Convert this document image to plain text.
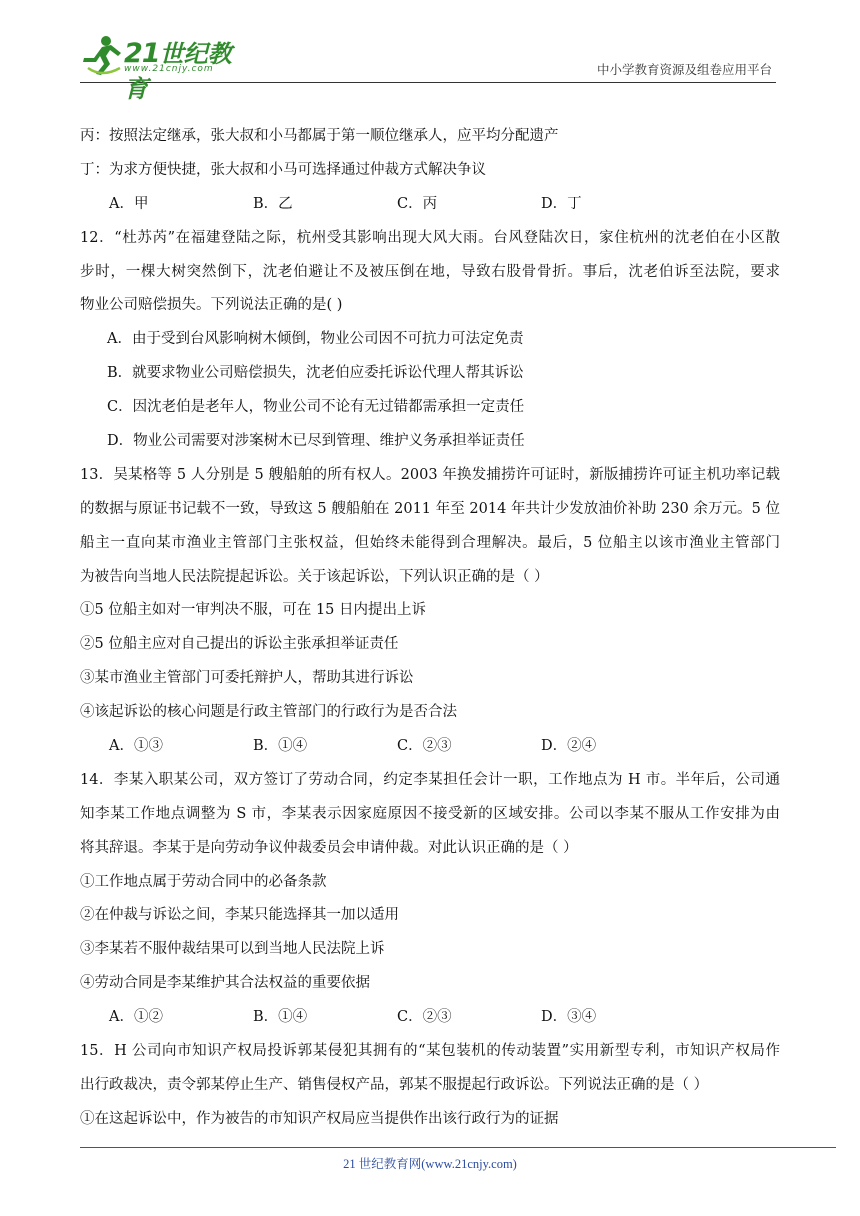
21世纪教育
www.21cnjy.com	中小学教育资源及组卷应用平台
丙：按照法定继承，张大叔和小马都属于第一顺位继承人，应平均分配遗产
丁：为求方便快捷，张大叔和小马可选择通过仲裁方式解决争议
A．甲	B．乙	C．丙	D．丁
12．“杜苏芮”在福建登陆之际，杭州受其影响出现大风大雨。台风登陆次日，家住杭州的沈老伯在小区散
步时，一棵大树突然倒下，沈老伯避让不及被压倒在地，导致右股骨骨折。事后，沈老伯诉至法院，要求
物业公司赔偿损失。下列说法正确的是( )
A．由于受到台风影响树木倾倒，物业公司因不可抗力可法定免责
B．就要求物业公司赔偿损失，沈老伯应委托诉讼代理人帮其诉讼
C．因沈老伯是老年人，物业公司不论有无过错都需承担一定责任
D．物业公司需要对涉案树木已尽到管理、维护义务承担举证责任
13．吴某格等 5 人分别是 5 艘船舶的所有权人。2003 年换发捕捞许可证时，新版捕捞许可证主机功率记载
的数据与原证书记载不一致，导致这 5 艘船舶在 2011 年至 2014 年共计少发放油价补助 230 余万元。5 位
船主一直向某市渔业主管部门主张权益，但始终未能得到合理解决。最后，5 位船主以该市渔业主管部门
为被告向当地人民法院提起诉讼。关于该起诉讼，下列认识正确的是（ ）
①5 位船主如对一审判决不服，可在 15 日内提出上诉
②5 位船主应对自己提出的诉讼主张承担举证责任
③某市渔业主管部门可委托辩护人，帮助其进行诉讼
④该起诉讼的核心问题是行政主管部门的行政行为是否合法
A．①③	B．①④	C．②③	D．②④
14．李某入职某公司，双方签订了劳动合同，约定李某担任会计一职，工作地点为 H 市。半年后，公司通
知李某工作地点调整为 S 市，李某表示因家庭原因不接受新的区域安排。公司以李某不服从工作安排为由
将其辞退。李某于是向劳动争议仲裁委员会申请仲裁。对此认识正确的是（ ）
①工作地点属于劳动合同中的必备条款
②在仲裁与诉讼之间，李某只能选择其一加以适用
③李某若不服仲裁结果可以到当地人民法院上诉
④劳动合同是李某维护其合法权益的重要依据
A．①②	B．①④	C．②③	D．③④
15．H 公司向市知识产权局投诉郭某侵犯其拥有的“某包装机的传动装置”实用新型专利，市知识产权局作
出行政裁决，责令郭某停止生产、销售侵权产品，郭某不服提起行政诉讼。下列说法正确的是（ ）
①在这起诉讼中，作为被告的市知识产权局应当提供作出该行政行为的证据
21 世纪教育网(www.21cnjy.com)
